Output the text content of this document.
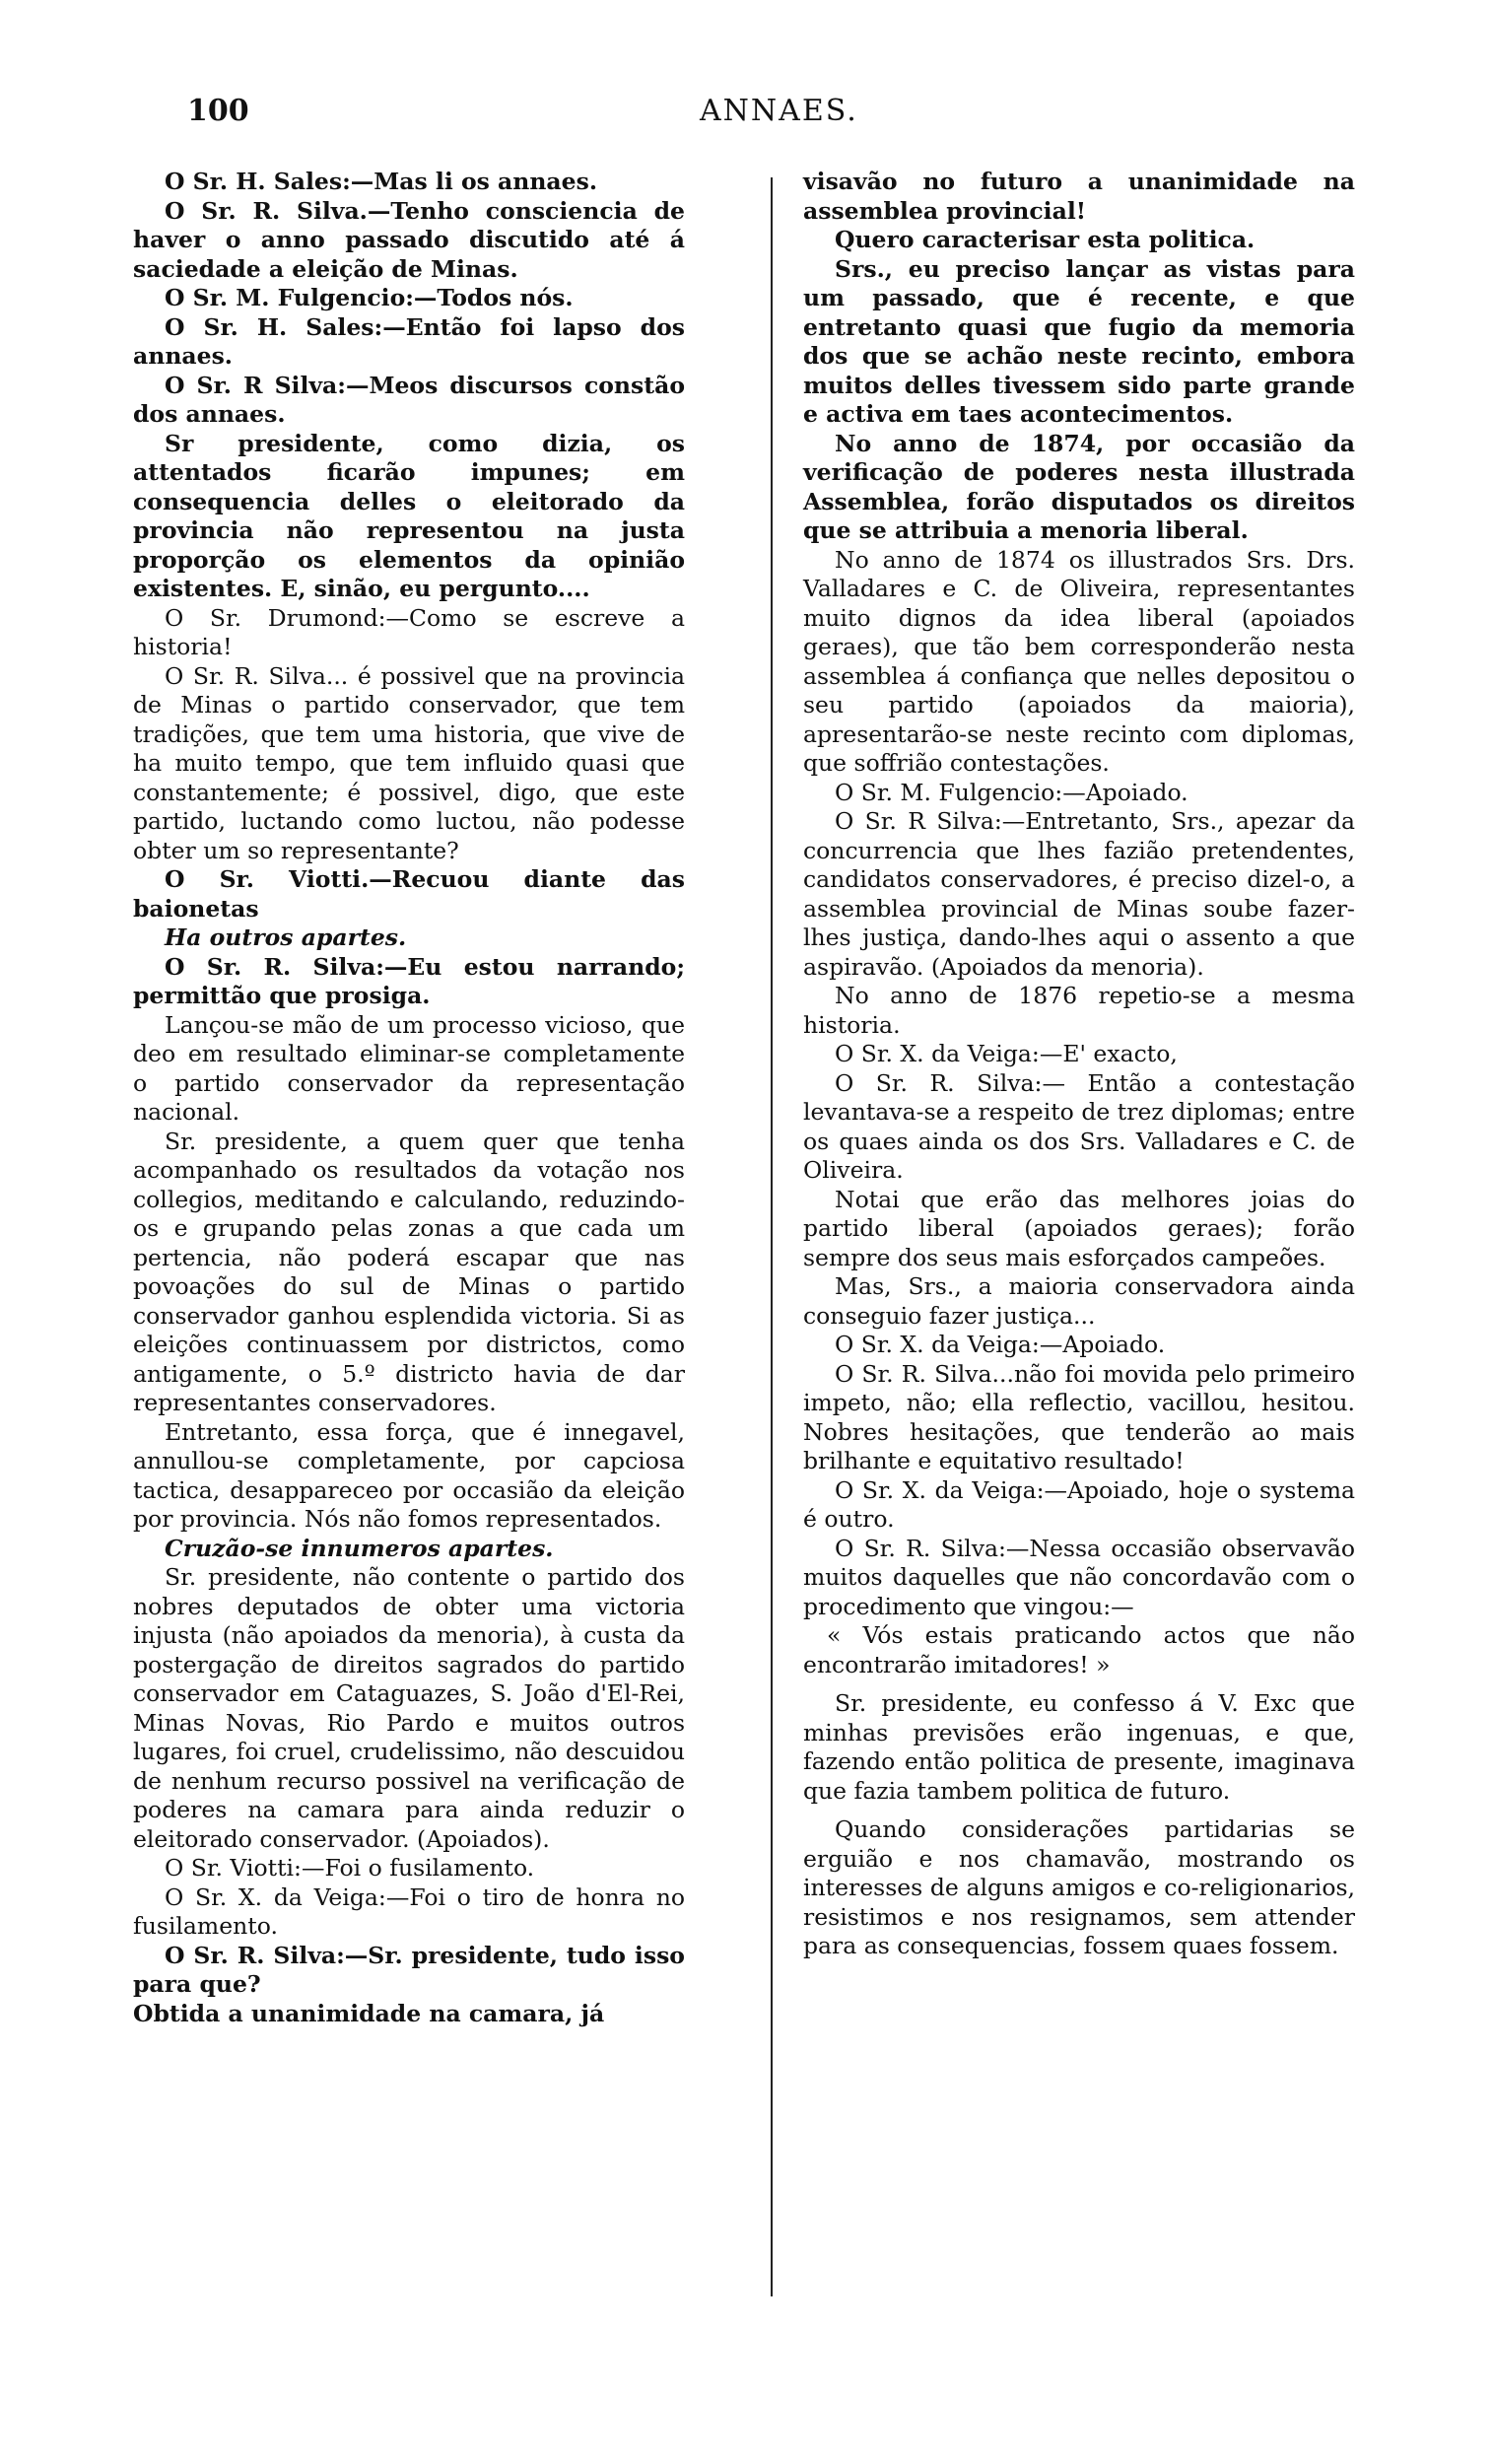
100	ANNAES.

O Sr. H. Sales:—Mas li os annaes.

O Sr. R. Silva.—Tenho consciencia de haver o anno passado discutido até á saciedade a eleição de Minas.

O Sr. M. Fulgencio:—Todos nós.

O Sr. H. Sales:—Então foi lapso dos annaes.

O Sr. R Silva:—Meos discursos constão dos annaes.

Sr presidente, como dizia, os attentados ficarão impunes; em consequencia delles o eleitorado da provincia não representou na justa proporção os elementos da opinião existentes. E, sinão, eu pergunto....

O Sr. Drumond:—Como se escreve a historia!

O Sr. R. Silva... é possivel que na provincia de Minas o partido conservador, que tem tradições, que tem uma historia, que vive de ha muito tempo, que tem influido quasi que constantemente; é possivel, digo, que este partido, luctando como luctou, não podesse obter um so representante?

O Sr. Viotti.—Recuou diante das baionetas

Ha outros apartes.

O Sr. R. Silva:—Eu estou narrando; permittão que prosiga.

Lançou-se mão de um processo vicioso, que deo em resultado eliminar-se completamente o partido conservador da representação nacional.

Sr. presidente, a quem quer que tenha acompanhado os resultados da votação nos collegios, meditando e calculando, reduzindo-os e grupando pelas zonas a que cada um pertencia, não poderá escapar que nas povoações do sul de Minas o partido conservador ganhou esplendida victoria. Si as eleições continuassem por districtos, como antigamente, o 5.º districto havia de dar representantes conservadores.

Entretanto, essa força, que é innegavel, annullou-se completamente, por capciosa tactica, desappareceo por occasião da eleição por provincia. Nós não fomos representados.

Cruzão-se innumeros apartes.

Sr. presidente, não contente o partido dos nobres deputados de obter uma victoria injusta (não apoiados da menoria), à custa da postergação de direitos sagrados do partido conservador em Cataguazes, S. João d'El-Rei, Minas Novas, Rio Pardo e muitos outros lugares, foi cruel, crudelissimo, não descuidou de nenhum recurso possivel na verificação de poderes na camara para ainda reduzir o eleitorado conservador. (Apoiados).

O Sr. Viotti:—Foi o fusilamento.

O Sr. X. da Veiga:—Foi o tiro de honra no fusilamento.

O Sr. R. Silva:—Sr. presidente, tudo isso para que?

Obtida a unanimidade na camara, já

visavão no futuro a unanimidade na assemblea provincial!

Quero caracterisar esta politica.

Srs., eu preciso lançar as vistas para um passado, que é recente, e que entretanto quasi que fugio da memoria dos que se achão neste recinto, embora muitos delles tivessem sido parte grande e activa em taes acontecimentos.

No anno de 1874, por occasião da verificação de poderes nesta illustrada Assemblea, forão disputados os direitos que se attribuia a menoria liberal.

No anno de 1874 os illustrados Srs. Drs. Valladares e C. de Oliveira, representantes muito dignos da idea liberal (apoiados geraes), que tão bem corresponderão nesta assemblea á confiança que nelles depositou o seu partido (apoiados da maioria), apresentarão-se neste recinto com diplomas, que soffrião contestações.

O Sr. M. Fulgencio:—Apoiado.

O Sr. R Silva:—Entretanto, Srs., apezar da concurrencia que lhes fazião pretendentes, candidatos conservadores, é preciso dizel-o, a assemblea provincial de Minas soube fazer-lhes justiça, dando-lhes aqui o assento a que aspiravão. (Apoiados da menoria).

No anno de 1876 repetio-se a mesma historia.

O Sr. X. da Veiga:—E' exacto,

O Sr. R. Silva:— Então a contestação levantava-se a respeito de trez diplomas; entre os quaes ainda os dos Srs. Valladares e C. de Oliveira.

Notai que erão das melhores joias do partido liberal (apoiados geraes); forão sempre dos seus mais esforçados campeões.

Mas, Srs., a maioria conservadora ainda conseguio fazer justiça...

O Sr. X. da Veiga:—Apoiado.

O Sr. R. Silva...não foi movida pelo primeiro impeto, não; ella reflectio, vacillou, hesitou. Nobres hesitações, que tenderão ao mais brilhante e equitativo resultado!

O Sr. X. da Veiga:—Apoiado, hoje o systema é outro.

O Sr. R. Silva:—Nessa occasião observavão muitos daquelles que não concordavão com o procedimento que vingou:—

« Vós estais praticando actos que não encontrarão imitadores! »

Sr. presidente, eu confesso á V. Exc que minhas previsões erão ingenuas, e que, fazendo então politica de presente, imaginava que fazia tambem politica de futuro.

Quando considerações partidarias se erguião e nos chamavão, mostrando os interesses de alguns amigos e co-religionarios, resistimos e nos resignamos, sem attender para as consequencias, fossem quaes fossem.
